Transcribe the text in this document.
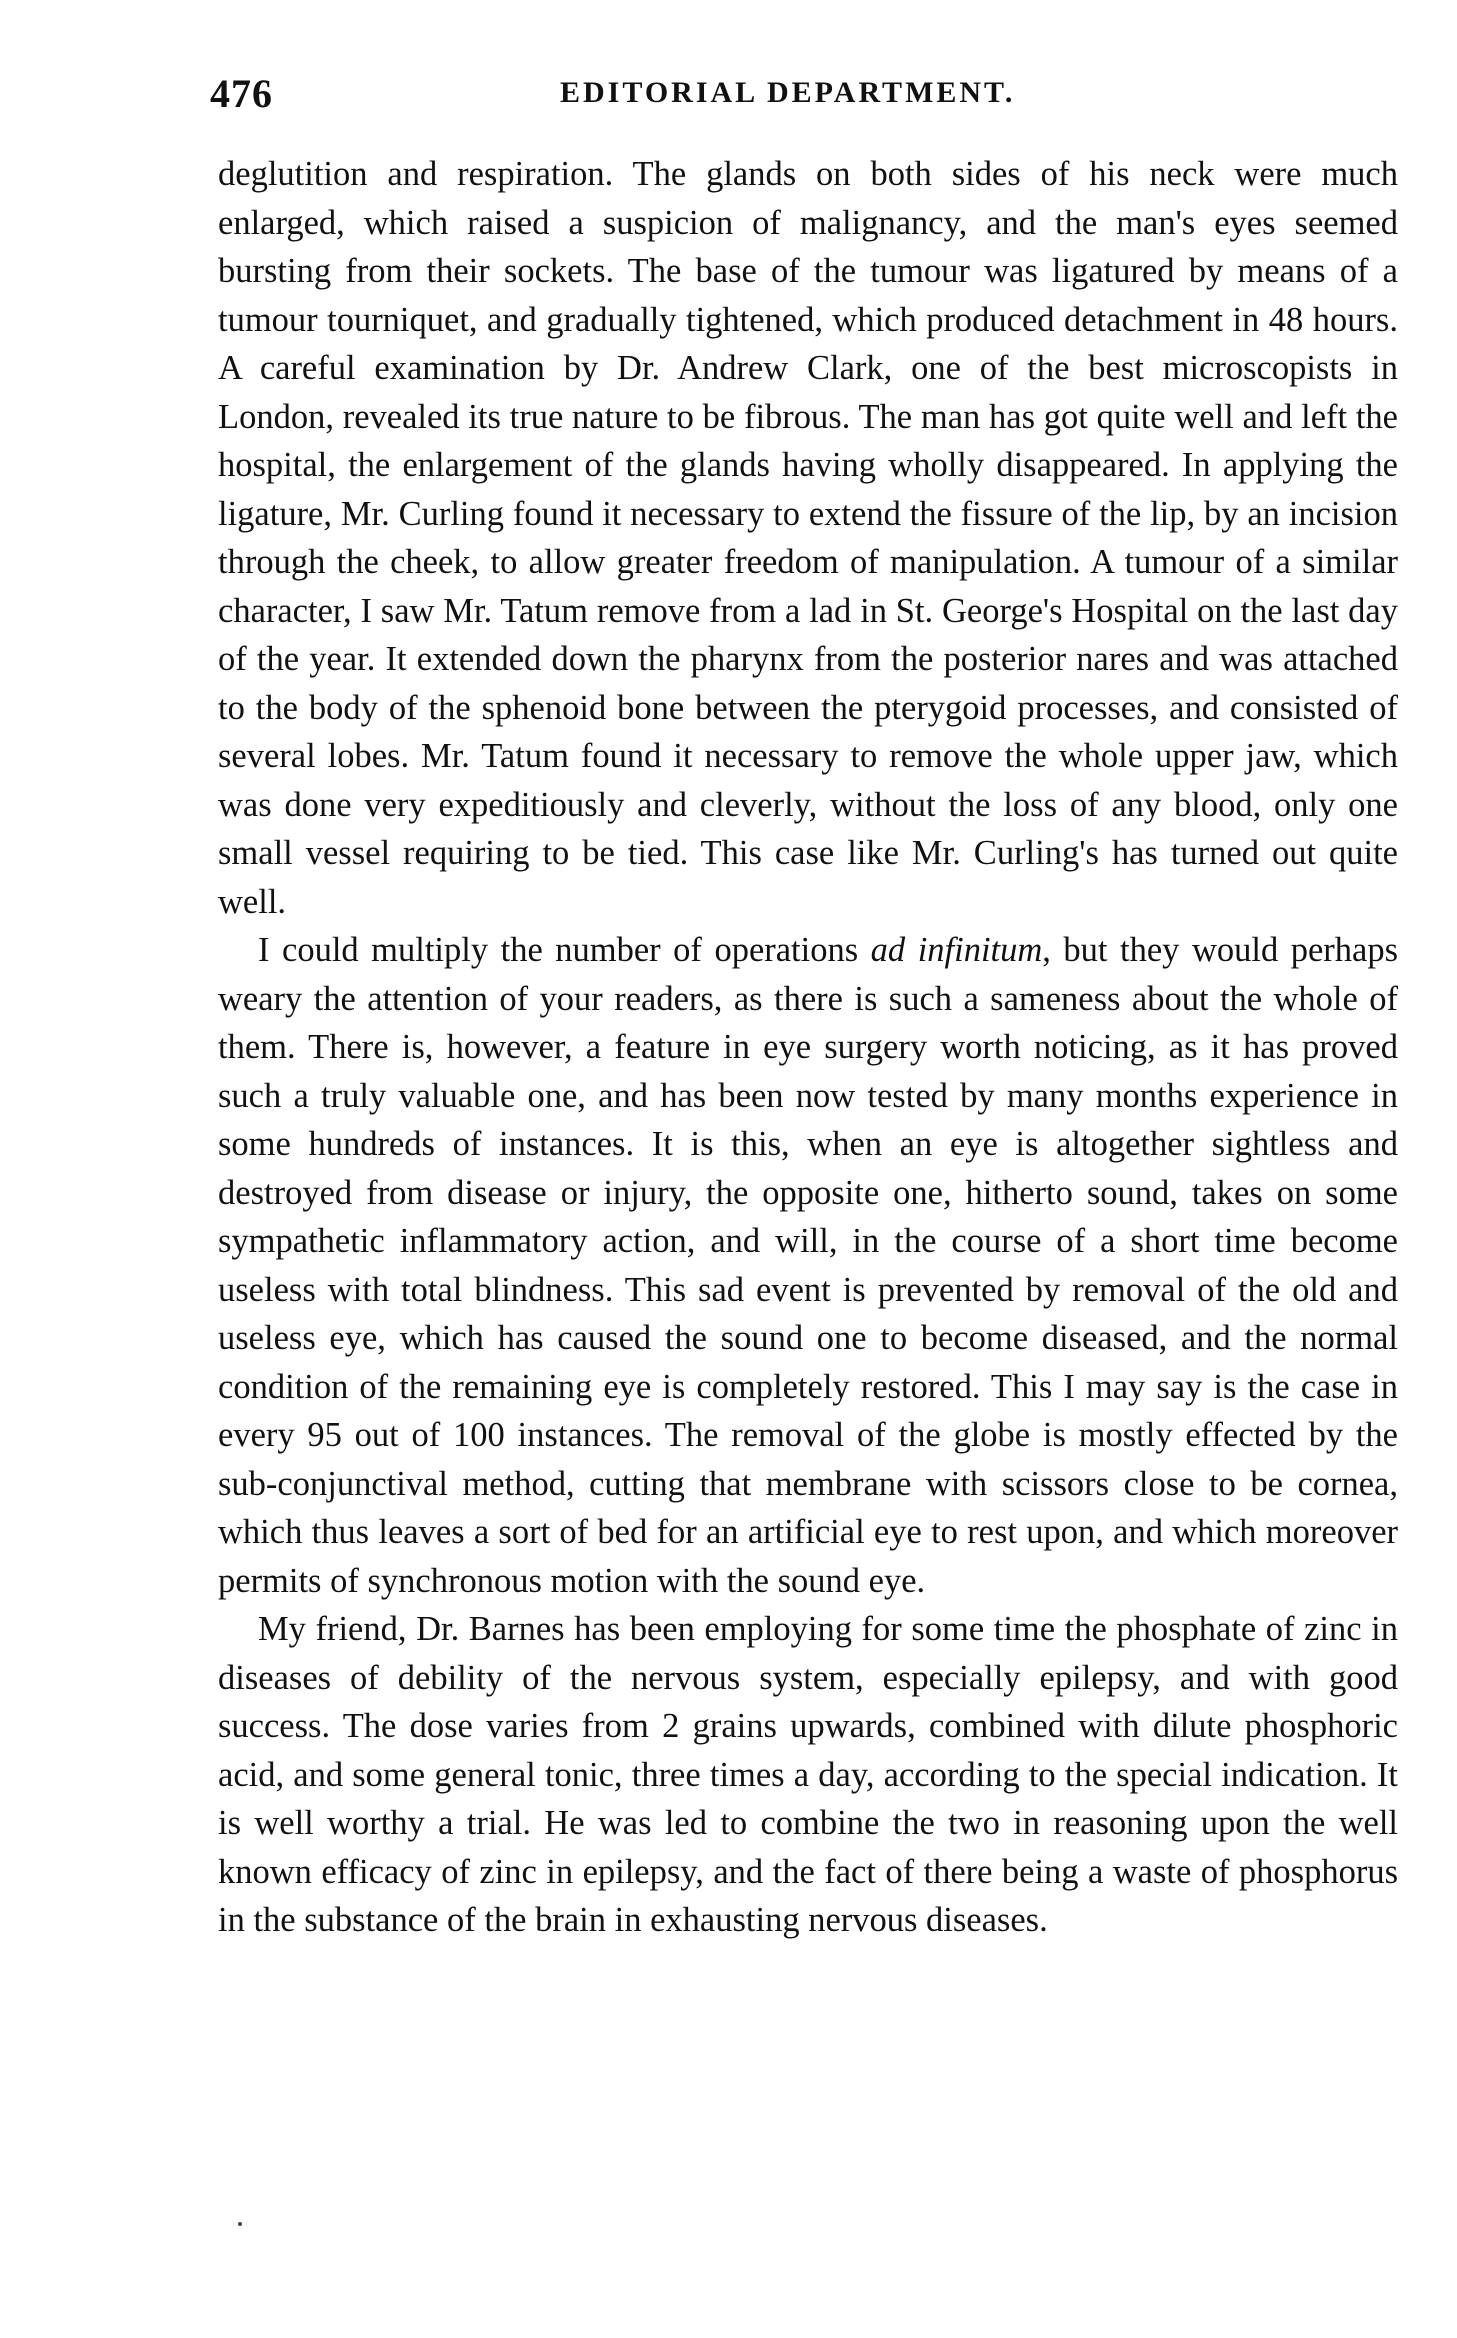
476	EDITORIAL DEPARTMENT.

deglutition and respiration. The glands on both sides of his neck were much enlarged, which raised a suspicion of malignancy, and the man's eyes seemed bursting from their sockets. The base of the tumour was ligatured by means of a tumour tourniquet, and gradually tightened, which produced detachment in 48 hours. A careful examination by Dr. Andrew Clark, one of the best microscopists in London, revealed its true nature to be fibrous. The man has got quite well and left the hospital, the enlargement of the glands having wholly disappeared. In applying the ligature, Mr. Curling found it necessary to extend the fissure of the lip, by an incision through the cheek, to allow greater freedom of manipulation. A tumour of a similar character, I saw Mr. Tatum remove from a lad in St. George's Hospital on the last day of the year. It extended down the pharynx from the posterior nares and was attached to the body of the sphenoid bone between the pterygoid processes, and consisted of several lobes. Mr. Tatum found it necessary to remove the whole upper jaw, which was done very expeditiously and cleverly, without the loss of any blood, only one small vessel requiring to be tied. This case like Mr. Curling's has turned out quite well.

I could multiply the number of operations ad infinitum, but they would perhaps weary the attention of your readers, as there is such a sameness about the whole of them. There is, however, a feature in eye surgery worth noticing, as it has proved such a truly valuable one, and has been now tested by many months experience in some hundreds of instances. It is this, when an eye is altogether sightless and destroyed from disease or injury, the opposite one, hitherto sound, takes on some sympathetic inflammatory action, and will, in the course of a short time become useless with total blindness. This sad event is prevented by removal of the old and useless eye, which has caused the sound one to become diseased, and the normal condition of the remaining eye is completely restored. This I may say is the case in every 95 out of 100 instances. The removal of the globe is mostly effected by the sub-conjunctival method, cutting that membrane with scissors close to be cornea, which thus leaves a sort of bed for an artificial eye to rest upon, and which moreover permits of synchronous motion with the sound eye.

My friend, Dr. Barnes has been employing for some time the phosphate of zinc in diseases of debility of the nervous system, especially epilepsy, and with good success. The dose varies from 2 grains upwards, combined with dilute phosphoric acid, and some general tonic, three times a day, according to the special indication. It is well worthy a trial. He was led to combine the two in reasoning upon the well known efficacy of zinc in epilepsy, and the fact of there being a waste of phosphorus in the substance of the brain in exhausting nervous diseases.
